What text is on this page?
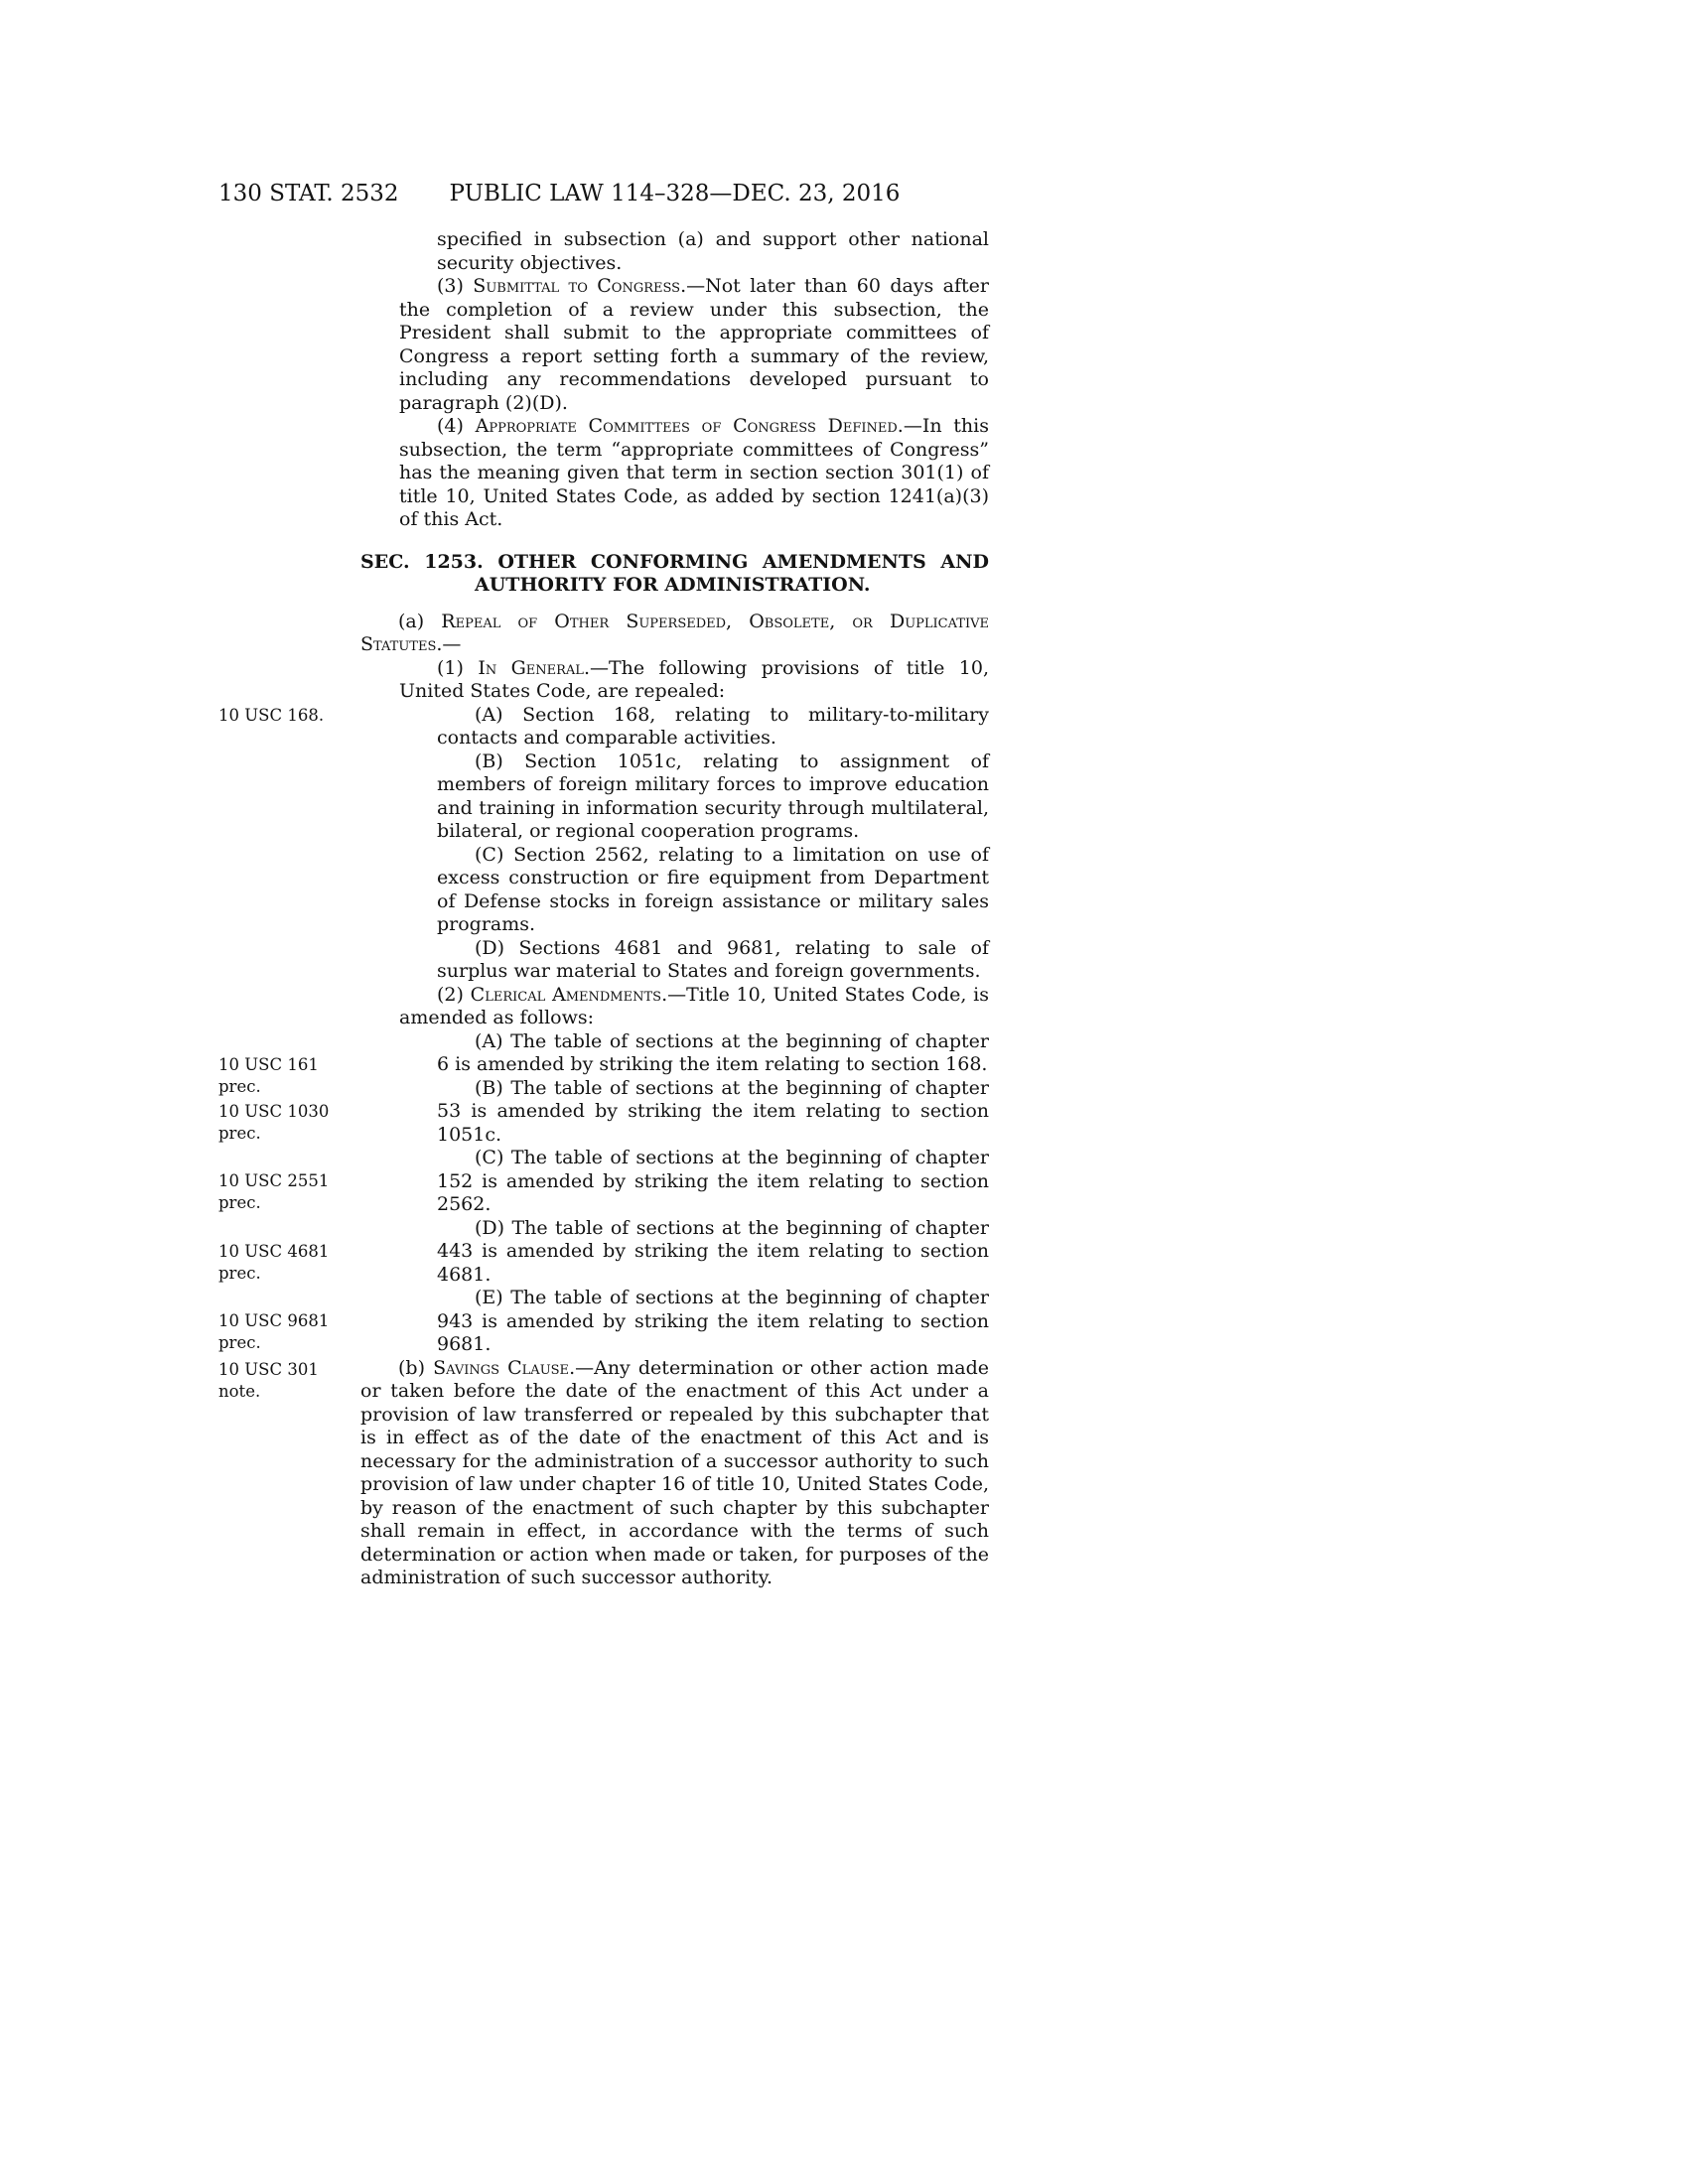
130 STAT. 2532	PUBLIC LAW 114–328—DEC. 23, 2016

specified in subsection (a) and support other national security objectives.

(3) Submittal to Congress.—Not later than 60 days after the completion of a review under this subsection, the President shall submit to the appropriate committees of Congress a report setting forth a summary of the review, including any recommendations developed pursuant to paragraph (2)(D).

(4) Appropriate Committees of Congress Defined.—In this subsection, the term “appropriate committees of Congress” has the meaning given that term in section section 301(1) of title 10, United States Code, as added by section 1241(a)(3) of this Act.

SEC. 1253. OTHER CONFORMING AMENDMENTS AND AUTHORITY FOR ADMINISTRATION.

(a) Repeal of Other Superseded, Obsolete, or Duplicative Statutes.—

(1) In General.—The following provisions of title 10, United States Code, are repealed:

10 USC 168.	(A) Section 168, relating to military-to-military contacts and comparable activities.

(B) Section 1051c, relating to assignment of members of foreign military forces to improve education and training in information security through multilateral, bilateral, or regional cooperation programs.

(C) Section 2562, relating to a limitation on use of excess construction or fire equipment from Department of Defense stocks in foreign assistance or military sales programs.

(D) Sections 4681 and 9681, relating to sale of surplus war material to States and foreign governments.

(2) Clerical Amendments.—Title 10, United States Code, is amended as follows:

10 USC 161 prec.
(A) The table of sections at the beginning of chapter 6 is amended by striking the item relating to section 168.

10 USC 1030 prec.
(B) The table of sections at the beginning of chapter 53 is amended by striking the item relating to section 1051c.

10 USC 2551 prec.
(C) The table of sections at the beginning of chapter 152 is amended by striking the item relating to section 2562.

10 USC 4681 prec.
(D) The table of sections at the beginning of chapter 443 is amended by striking the item relating to section 4681.

10 USC 9681 prec.
(E) The table of sections at the beginning of chapter 943 is amended by striking the item relating to section 9681.

10 USC 301 note.
(b) Savings Clause.—Any determination or other action made or taken before the date of the enactment of this Act under a provision of law transferred or repealed by this subchapter that is in effect as of the date of the enactment of this Act and is necessary for the administration of a successor authority to such provision of law under chapter 16 of title 10, United States Code, by reason of the enactment of such chapter by this subchapter shall remain in effect, in accordance with the terms of such determination or action when made or taken, for purposes of the administration of such successor authority.
